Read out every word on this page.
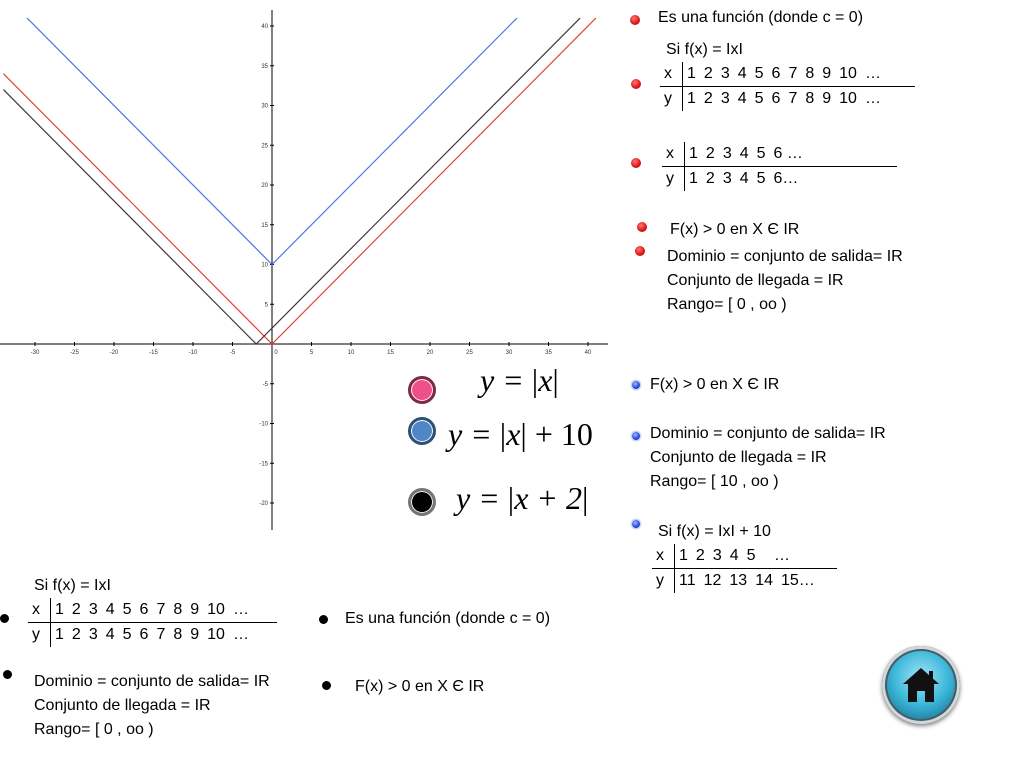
-30	-25	-20	-15	-10	-5	0	5	10	15	20	25	30	35	40
-20
-15
-10
-5
5
10
15
20
25
30
35
40
y = |x|
y = |x| + 10
y = |x + 2|
Es una función (donde c = 0)
Si f(x) = IxI
x	1 2 3 4 5 6 7 8 9 10 …
y	1 2 3 4 5 6 7 8 9 10 …
x	1 2 3 4 5 6 …
y	1 2 3 4 5 6…
F(x) > 0 en X Є IR
Dominio = conjunto de salida= IR
Conjunto de llegada = IR
Rango= [ 0 , oo )
F(x) > 0 en X Є IR
Dominio = conjunto de salida= IR
Conjunto de llegada = IR
Rango= [ 10 , oo )
Si f(x) = IxI + 10
x	1 2 3 4 5 …
y	11 12 13 14 15…
Si f(x) = IxI
x	1 2 3 4 5 6 7 8 9 10 …
y	1 2 3 4 5 6 7 8 9 10 …
Es una función (donde c = 0)
Dominio = conjunto de salida= IR
Conjunto de llegada = IR
Rango= [ 0 , oo )
F(x) > 0 en X Є IR
